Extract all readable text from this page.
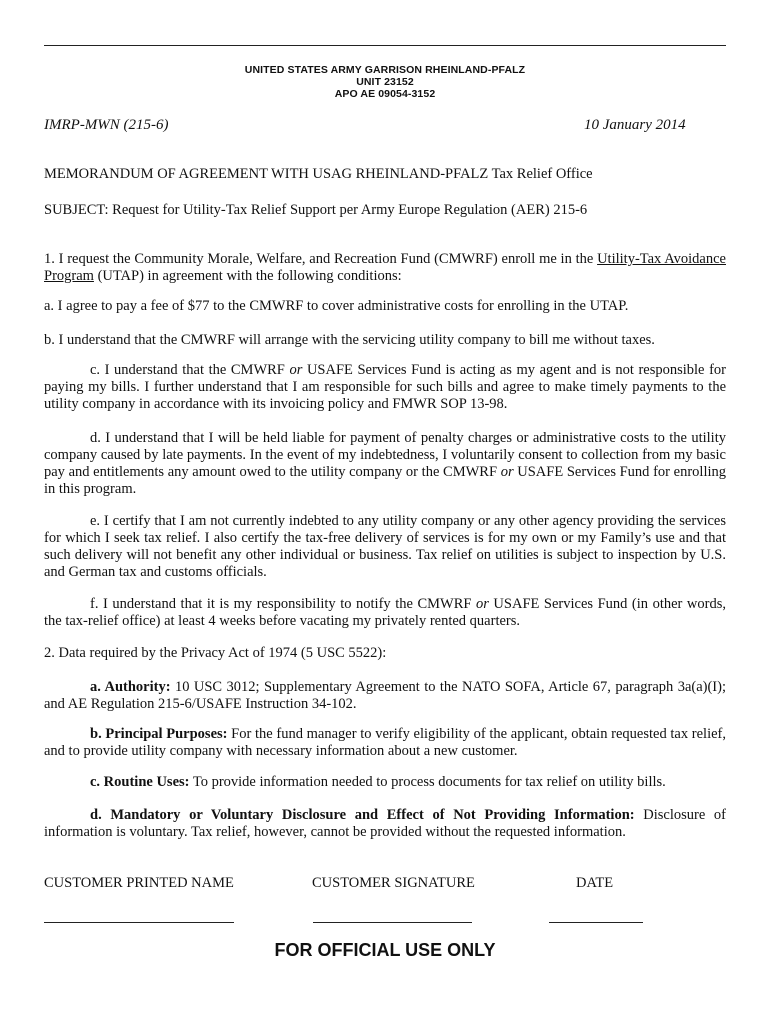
UNITED STATES ARMY GARRISON RHEINLAND-PFALZ
UNIT 23152
APO AE 09054-3152
IMRP-MWN (215-6)	10 January 2014
MEMORANDUM OF AGREEMENT WITH USAG RHEINLAND-PFALZ Tax Relief Office
SUBJECT: Request for Utility-Tax Relief Support per Army Europe Regulation (AER) 215-6

1. I request the Community Morale, Welfare, and Recreation Fund (CMWRF) enroll me in the Utility-Tax Avoidance Program (UTAP) in agreement with the following conditions:

a. I agree to pay a fee of $77 to the CMWRF to cover administrative costs for enrolling in the UTAP.
b. I understand that the CMWRF will arrange with the servicing utility company to bill me without taxes.

c. I understand that the CMWRF or USAFE Services Fund is acting as my agent and is not responsible for paying my bills. I further understand that I am responsible for such bills and agree to make timely payments to the utility company in accordance with its invoicing policy and FMWR SOP 13-98.

d. I understand that I will be held liable for payment of penalty charges or administrative costs to the utility company caused by late payments. In the event of my indebtedness, I voluntarily consent to collection from my basic pay and entitlements any amount owed to the utility company or the CMWRF or USAFE Services Fund for enrolling in this program.

e. I certify that I am not currently indebted to any utility company or any other agency providing the services for which I seek tax relief. I also certify the tax-free delivery of services is for my own or my Family’s use and that such delivery will not benefit any other individual or business. Tax relief on utilities is subject to inspection by U.S. and German tax and customs officials.

f. I understand that it is my responsibility to notify the CMWRF or USAFE Services Fund (in other words, the tax-relief office) at least 4 weeks before vacating my privately rented quarters.

2. Data required by the Privacy Act of 1974 (5 USC 5522):

a. Authority: 10 USC 3012; Supplementary Agreement to the NATO SOFA, Article 67, paragraph 3a(a)(I); and AE Regulation 215-6/USAFE Instruction 34-102.

b. Principal Purposes: For the fund manager to verify eligibility of the applicant, obtain requested tax relief, and to provide utility company with necessary information about a new customer.

c. Routine Uses: To provide information needed to process documents for tax relief on utility bills.

d. Mandatory or Voluntary Disclosure and Effect of Not Providing Information: Disclosure of information is voluntary. Tax relief, however, cannot be provided without the requested information.

CUSTOMER PRINTED NAME	CUSTOMER SIGNATURE	DATE
FOR OFFICIAL USE ONLY
